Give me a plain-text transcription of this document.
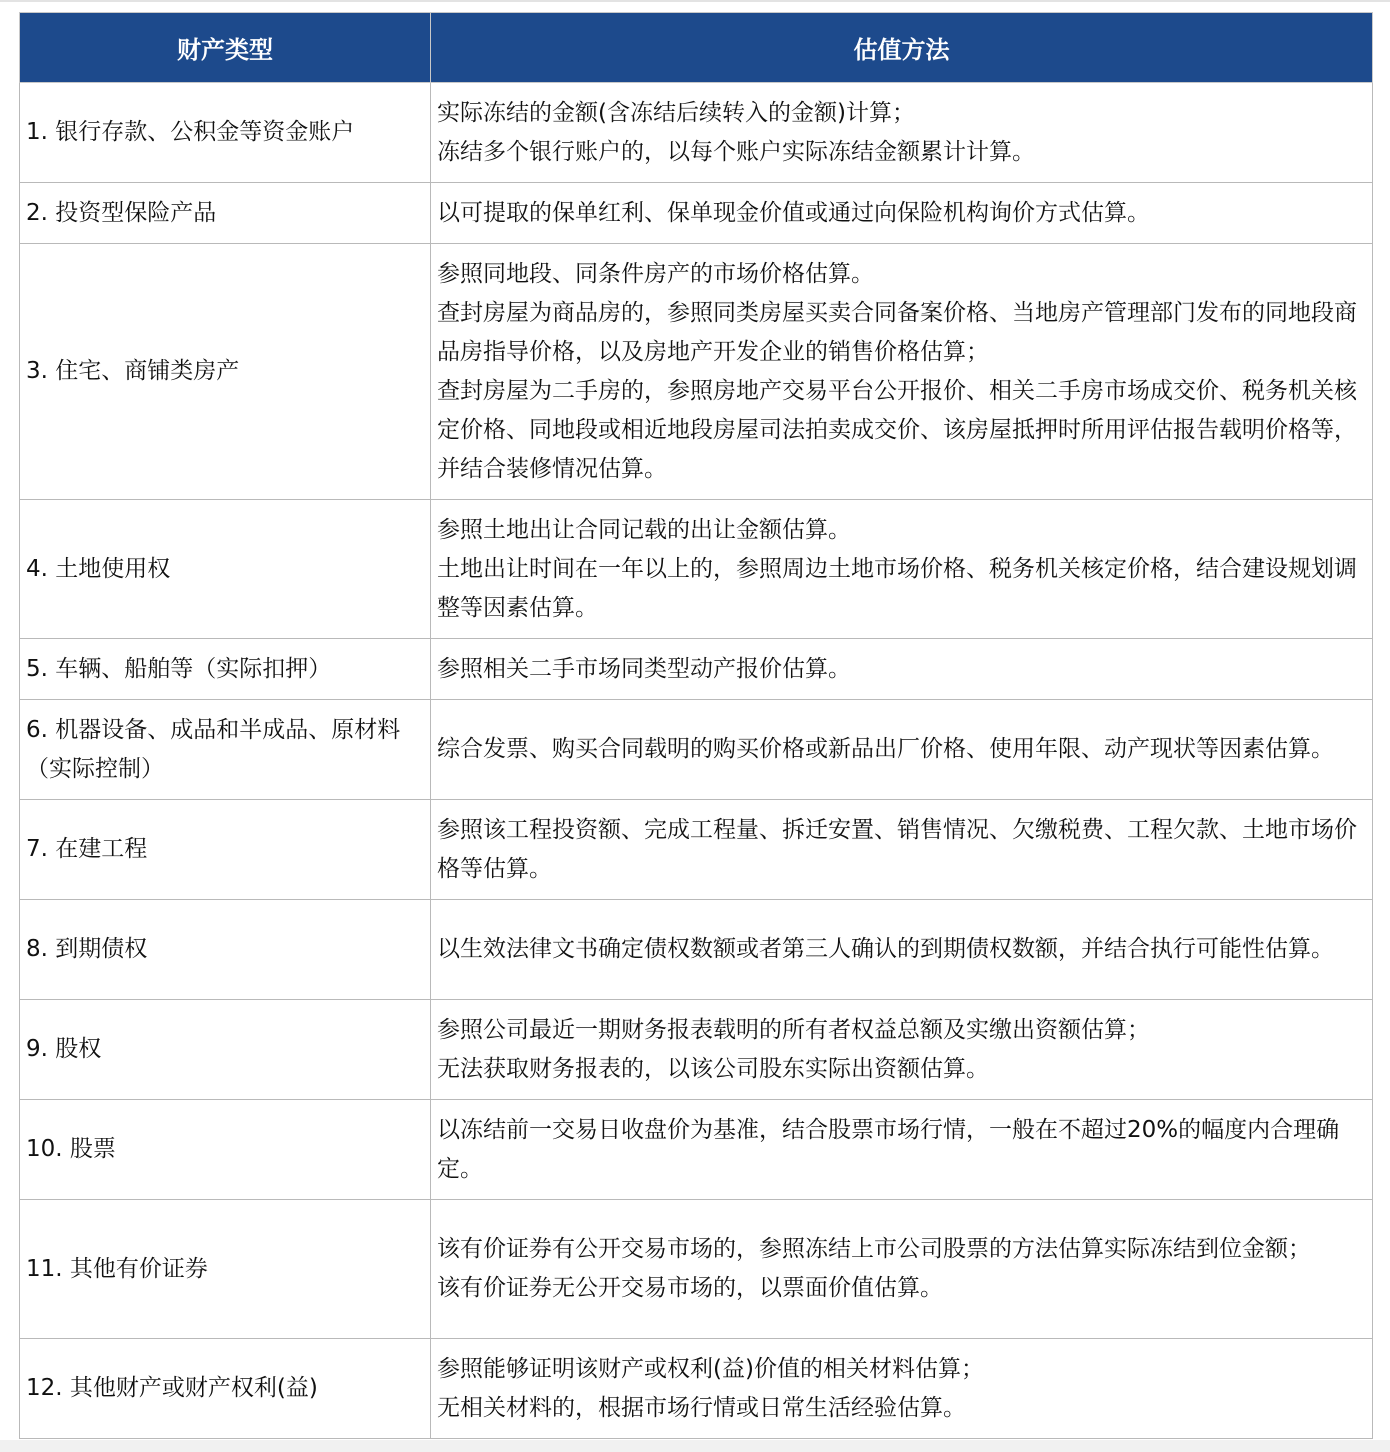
财产类型	估值方法
1. 银行存款、公积金等资金账户	实际冻结的金额(含冻结后续转入的金额)计算；
冻结多个银行账户的，以每个账户实际冻结金额累计计算。

2. 投资型保险产品	以可提取的保单红利、保单现金价值或通过向保险机构询价方式估算。

3. 住宅、商铺类房产	参照同地段、同条件房产的市场价格估算。
查封房屋为商品房的，参照同类房屋买卖合同备案价格、当地房产管理部门发布的同地段商品房指导价格，以及房地产开发企业的销售价格估算；
查封房屋为二手房的，参照房地产交易平台公开报价、相关二手房市场成交价、税务机关核定价格、同地段或相近地段房屋司法拍卖成交价、该房屋抵押时所用评估报告载明价格等，并结合装修情况估算。

4. 土地使用权	参照土地出让合同记载的出让金额估算。
土地出让时间在一年以上的，参照周边土地市场价格、税务机关核定价格，结合建设规划调整等因素估算。

5. 车辆、船舶等（实际扣押）	参照相关二手市场同类型动产报价估算。

6. 机器设备、成品和半成品、原材料（实际控制）	综合发票、购买合同载明的购买价格或新品出厂价格、使用年限、动产现状等因素估算。

7. 在建工程	参照该工程投资额、完成工程量、拆迁安置、销售情况、欠缴税费、工程欠款、土地市场价格等估算。

8. 到期债权	以生效法律文书确定债权数额或者第三人确认的到期债权数额，并结合执行可能性估算。

9. 股权	参照公司最近一期财务报表载明的所有者权益总额及实缴出资额估算；
无法获取财务报表的，以该公司股东实际出资额估算。

10. 股票	以冻结前一交易日收盘价为基准，结合股票市场行情，一般在不超过20%的幅度内合理确定。

11. 其他有价证券	该有价证券有公开交易市场的，参照冻结上市公司股票的方法估算实际冻结到位金额；
该有价证券无公开交易市场的，以票面价值估算。

12. 其他财产或财产权利(益)	参照能够证明该财产或权利(益)价值的相关材料估算；
无相关材料的，根据市场行情或日常生活经验估算。
